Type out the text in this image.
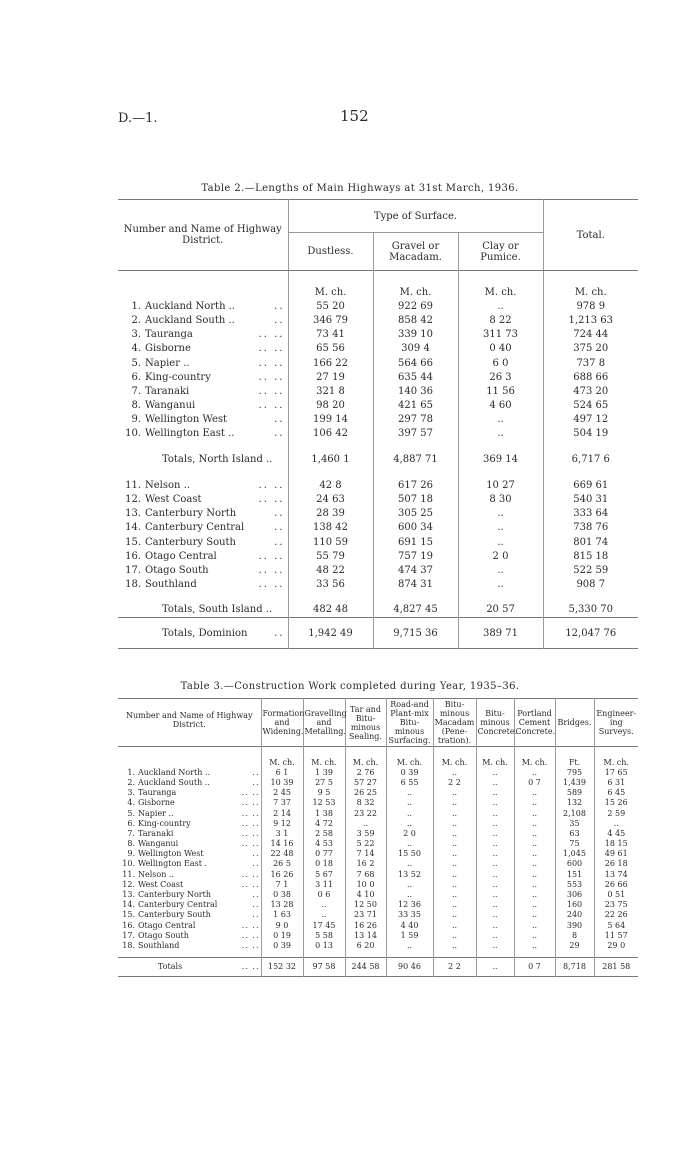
D.—1.	152
Table 2.—Lengths of Main Highways at 31st March, 1936.
Number and Name of Highway District.	Type of Surface.			Total.
	Dustless.	Gravel or Macadam.	Clay or Pumice.	

	M. ch.	M. ch.	M. ch.	M. ch.
1. Auckland North .. ..	55 20	922 69	..	978 9
2. Auckland South .. ..	346 79	858 42	8 22	1,213 63
3. Tauranga .. ..	73 41	339 10	311 73	724 44
4. Gisborne .. ..	65 56	309 4	0 40	375 20
5. Napier .. .. ..	166 22	564 66	6 0	737 8
6. King-country .. ..	27 19	635 44	26 3	688 66
7. Taranaki .. ..	321 8	140 36	11 56	473 20
8. Wanganui .. ..	98 20	421 65	4 60	524 65
9. Wellington West ..	199 14	297 78	..	497 12
10. Wellington East .. ..	106 42	397 57	..	504 19

Totals, North Island ..	1,460 1	4,887 71	369 14	6,717 6

11. Nelson .. .. ..	42 8	617 26	10 27	669 61
12. West Coast .. ..	24 63	507 18	8 30	540 31
13. Canterbury North ..	28 39	305 25	..	333 64
14. Canterbury Central ..	138 42	600 34	..	738 76
15. Canterbury South ..	110 59	691 15	..	801 74
16. Otago Central .. ..	55 79	757 19	2 0	815 18
17. Otago South .. ..	48 22	474 37	..	522 59
18. Southland .. ..	33 56	874 31	..	908 7

Totals, South Island ..	482 48	4,827 45	20 57	5,330 70

Totals, Dominion ..	1,942 49	9,715 36	389 71	12,047 76

Table 3.—Construction Work completed during Year, 1935–36.
Number and Name of Highway District.	Formation and Widening.	Gravelling and Metalling.	Tar and Bitu- minous Sealing.	Road-and Plant-mix Bitu- minous Surfacing.	Bitu- minous Macadam (Pene- tration).	Bitu- minous Concrete.	Portland Cement Concrete.	Bridges.	Engineer- ing Surveys.

	M. ch.	M. ch.	M. ch.	M. ch.	M. ch.	M. ch.	M. ch.	Ft.	M. ch.
1. Auckland North .. ..	6 1	1 39	2 76	0 39	..	..	..	795	17 65
2. Auckland South .. ..	10 39	27 5	57 27	6 55	2 2	..	0 7	1,439	6 31
3. Tauranga .. ..	2 45	9 5	26 25	..	..	..	..	589	6 45
4. Gisborne .. ..	7 37	12 53	8 32	..	..	..	..	132	15 26
5. Napier .. .. ..	2 14	1 38	23 22	..	..	..	..	2,108	2 59
6. King-country .. ..	9 12	4 72	..	..	..	..	..	35	..
7. Taranaki .. ..	3 1	2 58	3 59	2 0	..	..	..	63	4 45
8. Wanganui .. ..	14 16	4 53	5 22	..	..	..	..	75	18 15
9. Wellington West ..	22 48	0 77	7 14	15 50	..	..	..	1,045	49 61
10. Wellington East . ..	26 5	0 18	16 2	..	..	..	..	600	26 18
11. Nelson .. .. ..	16 26	5 67	7 68	13 52	..	..	..	151	13 74
12. West Coast .. ..	7 1	3 11	10 0	..	..	..	..	553	26 66
13. Canterbury North ..	0 38	0 6	4 10	..	..	..	..	306	0 51
14. Canterbury Central ..	13 28	..	12 50	12 36	..	..	..	160	23 75
15. Canterbury South ..	1 63	..	23 71	33 35	..	..	..	240	22 26
16. Otago Central .. ..	9 0	17 45	16 26	4 40	..	..	..	390	5 64
17. Otago South .. ..	0 19	5 58	13 14	1 59	..	..	..	8	11 57
18. Southland .. ..	0 39	0 13	6 20	..	..	..	..	29	29 0

Totals .. ..	152 32	97 58	244 58	90 46	2 2	..	0 7	8,718	281 58
